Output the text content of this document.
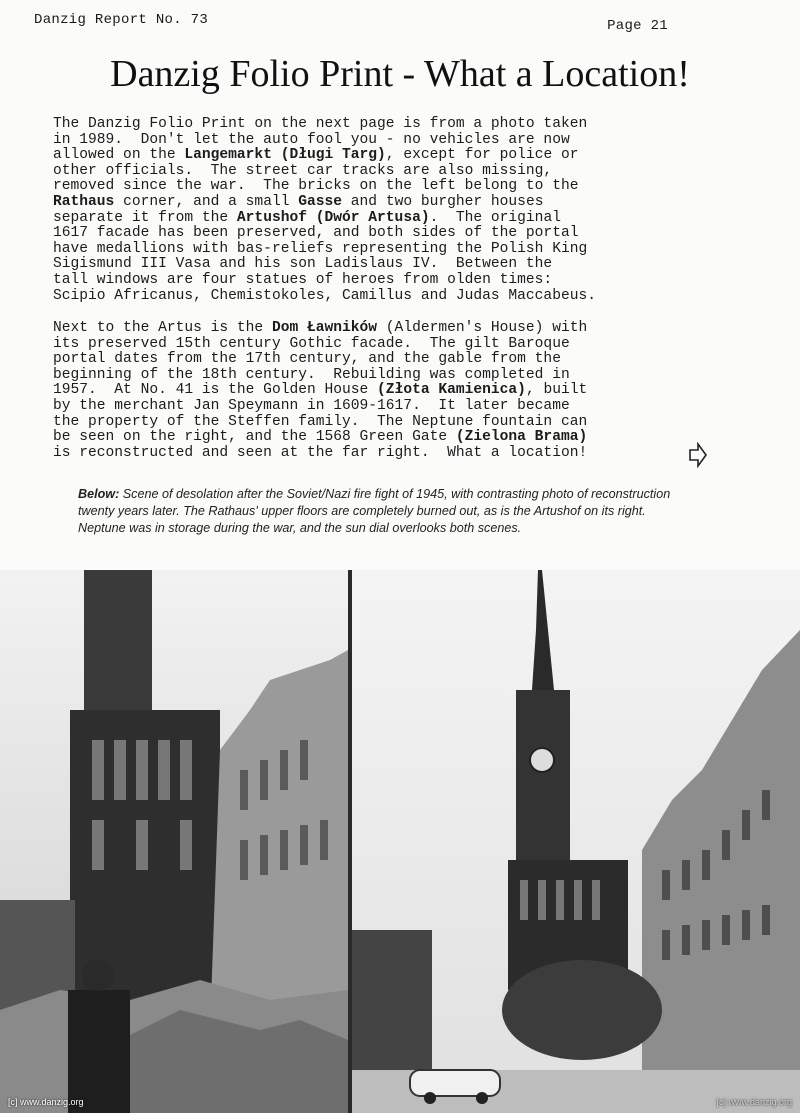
Danzig Report No. 73	Page 21
Danzig Folio Print - What a Location!
The Danzig Folio Print on the next page is from a photo taken
in 1989.  Don't let the auto fool you - no vehicles are now
allowed on the Langemarkt (Długi Targ), except for police or
other officials.  The street car tracks are also missing,
removed since the war.  The bricks on the left belong to the
Rathaus corner, and a small Gasse and two burgher houses
separate it from the Artushof (Dwór Artusa).  The original
1617 facade has been preserved, and both sides of the portal
have medallions with bas-reliefs representing the Polish King
Sigismund III Vasa and his son Ladislaus IV.  Between the
tall windows are four statues of heroes from olden times:
Scipio Africanus, Chemistokoles, Camillus and Judas Maccabeus.
Next to the Artus is the Dom Ławników (Aldermen's House) with
its preserved 15th century Gothic facade.  The gilt Baroque
portal dates from the 17th century, and the gable from the
beginning of the 18th century.  Rebuilding was completed in
1957.  At No. 41 is the Golden House (Złota Kamienica), built
by the merchant Jan Speymann in 1609-1617.  It later became
the property of the Steffen family.  The Neptune fountain can
be seen on the right, and the 1568 Green Gate (Zielona Brama)
is reconstructed and seen at the far right.  What a location!
Below: Scene of desolation after the Soviet/Nazi fire fight of 1945, with contrasting photo of reconstruction twenty years later. The Rathaus' upper floors are completely burned out, as is the Artushof on its right. Neptune was in storage during the war, and the sun dial overlooks both scenes.
[c] www.danzig.org	[c] www.danzig.org
